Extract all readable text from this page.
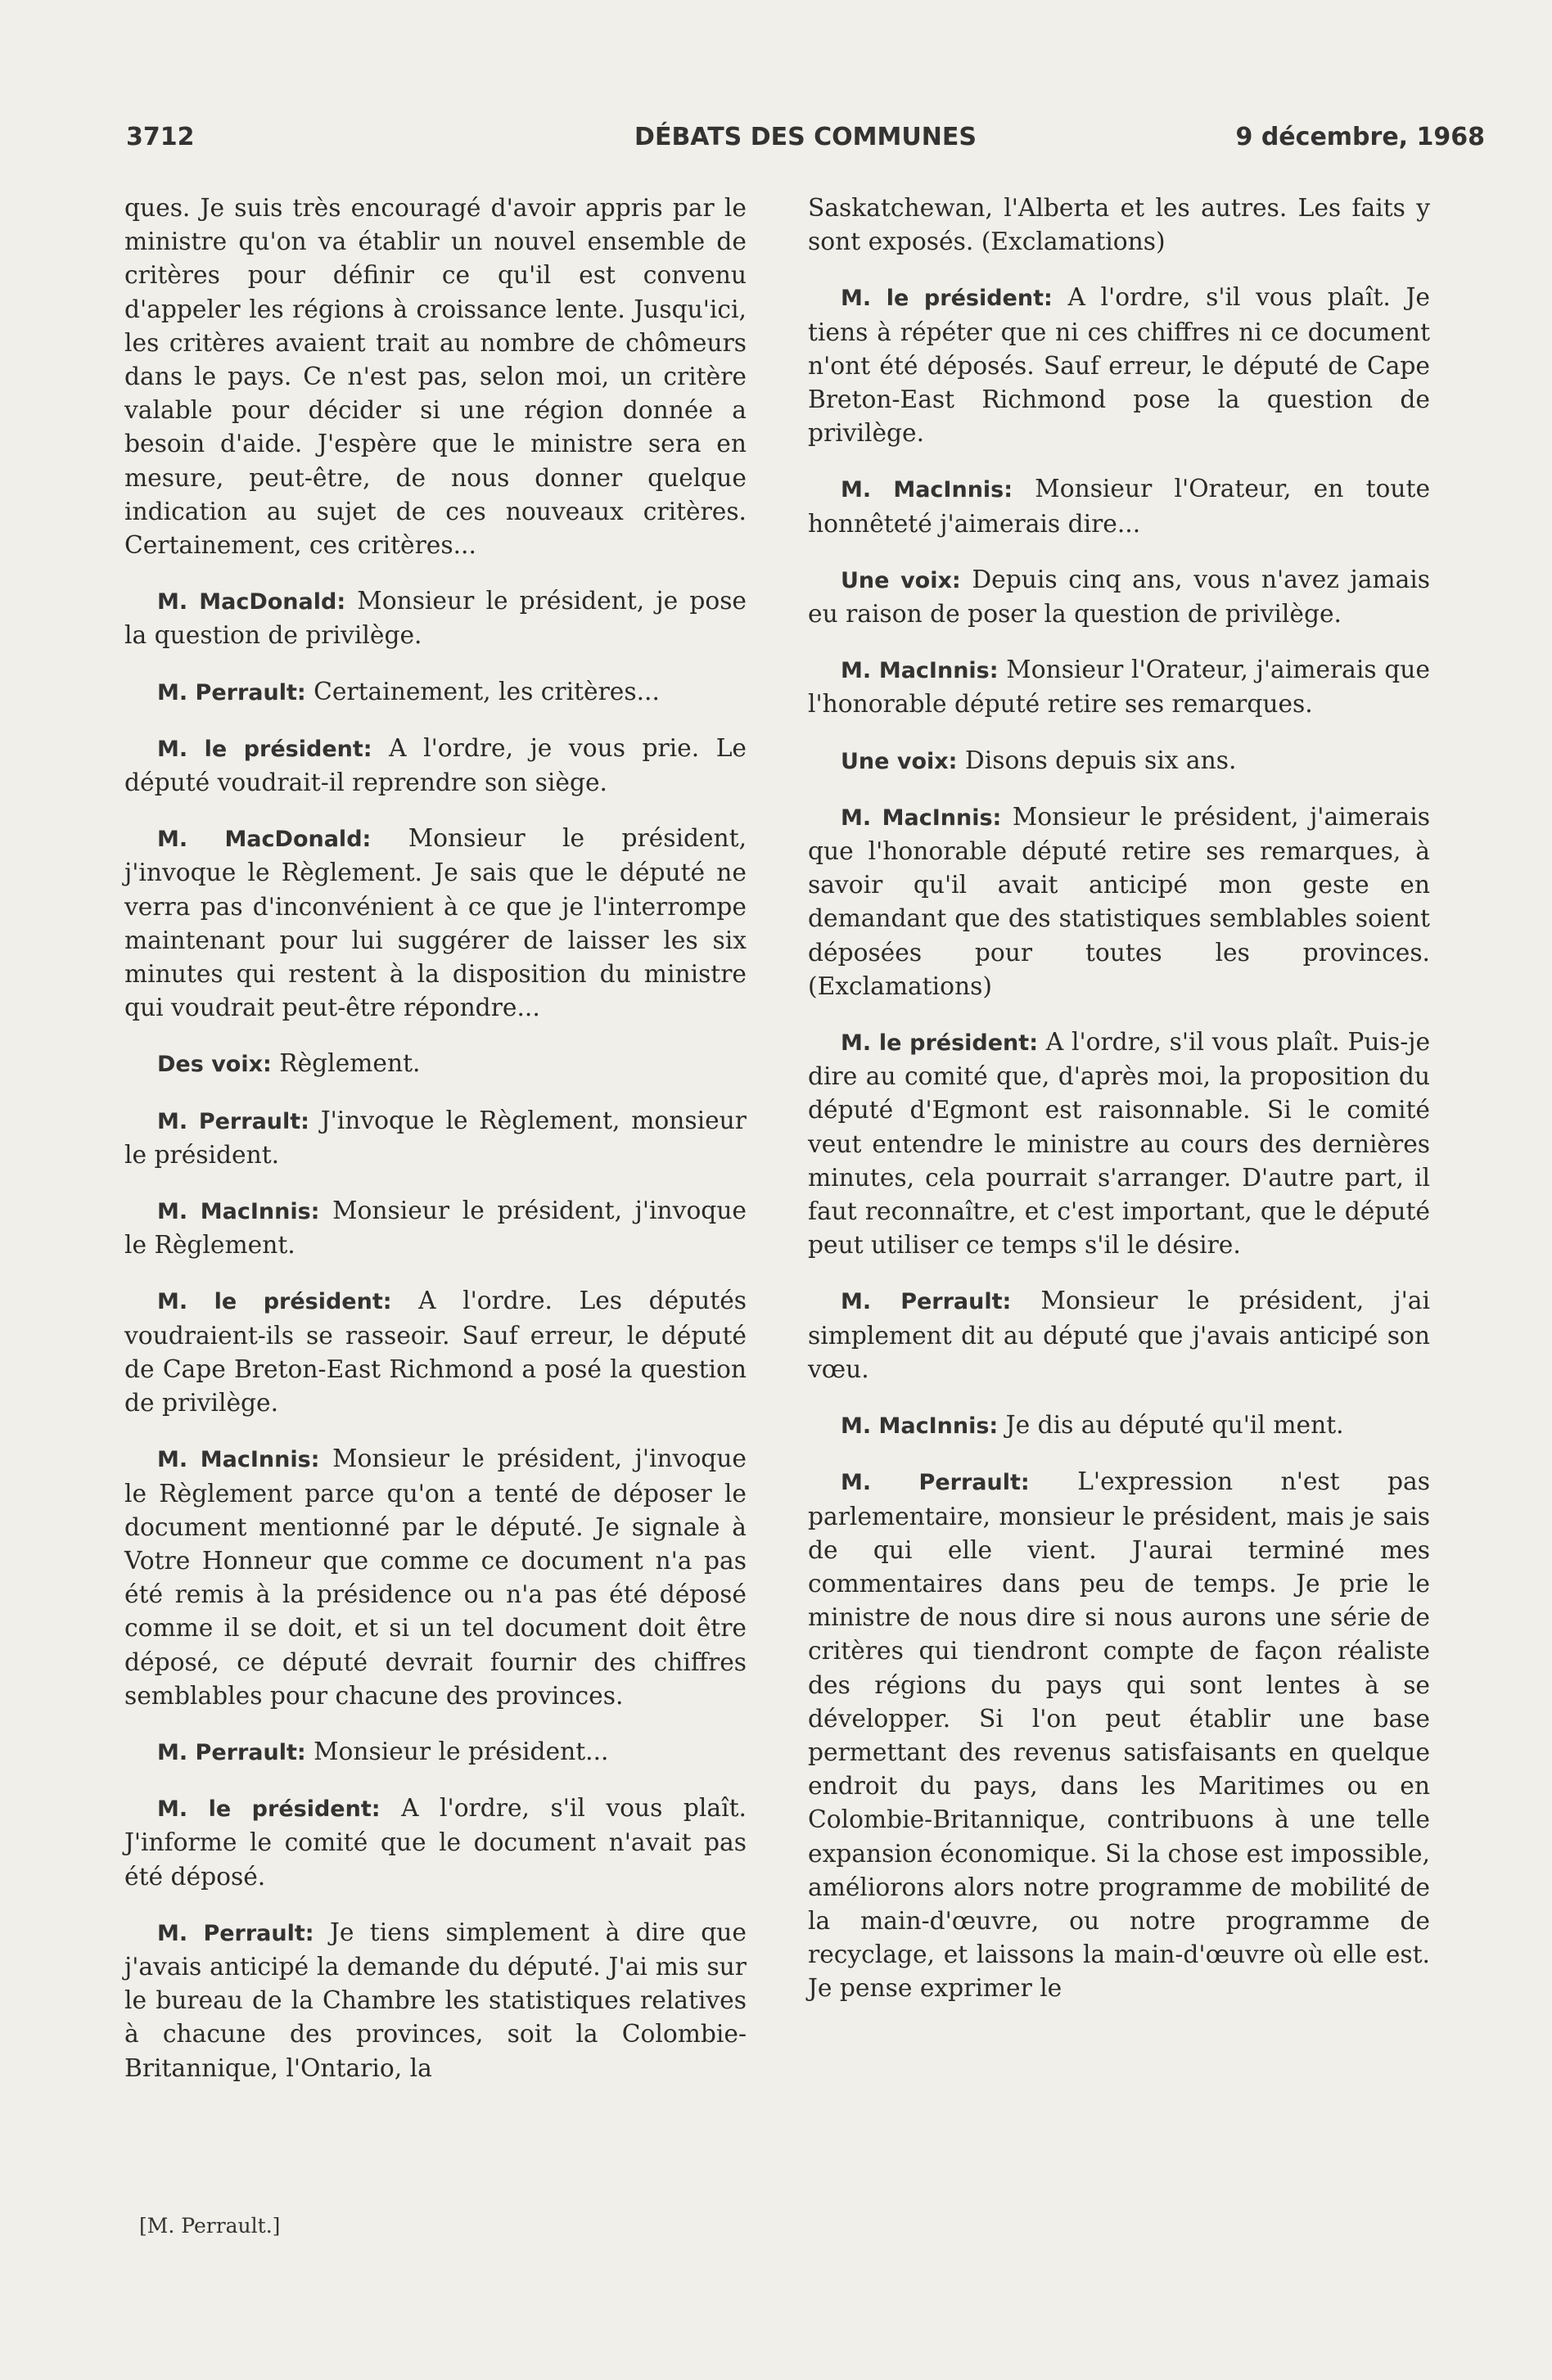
3712	DÉBATS DES COMMUNES	9 décembre, 1968

ques. Je suis très encouragé d'avoir appris par le ministre qu'on va établir un nouvel ensemble de critères pour définir ce qu'il est convenu d'appeler les régions à croissance lente. Jusqu'ici, les critères avaient trait au nombre de chômeurs dans le pays. Ce n'est pas, selon moi, un critère valable pour décider si une région donnée a besoin d'aide. J'espère que le ministre sera en mesure, peut-être, de nous donner quelque indication au sujet de ces nouveaux critères. Certainement, ces critères...

M. MacDonald: Monsieur le président, je pose la question de privilège.

M. Perrault: Certainement, les critères...

M. le président: A l'ordre, je vous prie. Le député voudrait-il reprendre son siège.

M. MacDonald: Monsieur le président, j'invoque le Règlement. Je sais que le député ne verra pas d'inconvénient à ce que je l'interrompe maintenant pour lui suggérer de laisser les six minutes qui restent à la disposition du ministre qui voudrait peut-être répondre...

Des voix: Règlement.

M. Perrault: J'invoque le Règlement, monsieur le président.

M. MacInnis: Monsieur le président, j'invoque le Règlement.

M. le président: A l'ordre. Les députés voudraient-ils se rasseoir. Sauf erreur, le député de Cape Breton-East Richmond a posé la question de privilège.

M. MacInnis: Monsieur le président, j'invoque le Règlement parce qu'on a tenté de déposer le document mentionné par le député. Je signale à Votre Honneur que comme ce document n'a pas été remis à la présidence ou n'a pas été déposé comme il se doit, et si un tel document doit être déposé, ce député devrait fournir des chiffres semblables pour chacune des provinces.

M. Perrault: Monsieur le président...

M. le président: A l'ordre, s'il vous plaît. J'informe le comité que le document n'avait pas été déposé.

M. Perrault: Je tiens simplement à dire que j'avais anticipé la demande du député. J'ai mis sur le bureau de la Chambre les statistiques relatives à chacune des provinces, soit la Colombie-Britannique, l'Ontario, la

Saskatchewan, l'Alberta et les autres. Les faits y sont exposés. (Exclamations)

M. le président: A l'ordre, s'il vous plaît. Je tiens à répéter que ni ces chiffres ni ce document n'ont été déposés. Sauf erreur, le député de Cape Breton-East Richmond pose la question de privilège.

M. MacInnis: Monsieur l'Orateur, en toute honnêteté j'aimerais dire...

Une voix: Depuis cinq ans, vous n'avez jamais eu raison de poser la question de privilège.

M. MacInnis: Monsieur l'Orateur, j'aimerais que l'honorable député retire ses remarques.

Une voix: Disons depuis six ans.

M. MacInnis: Monsieur le président, j'aimerais que l'honorable député retire ses remarques, à savoir qu'il avait anticipé mon geste en demandant que des statistiques semblables soient déposées pour toutes les provinces. (Exclamations)

M. le président: A l'ordre, s'il vous plaît. Puis-je dire au comité que, d'après moi, la proposition du député d'Egmont est raisonnable. Si le comité veut entendre le ministre au cours des dernières minutes, cela pourrait s'arranger. D'autre part, il faut reconnaître, et c'est important, que le député peut utiliser ce temps s'il le désire.

M. Perrault: Monsieur le président, j'ai simplement dit au député que j'avais anticipé son vœu.

M. MacInnis: Je dis au député qu'il ment.

M. Perrault: L'expression n'est pas parlementaire, monsieur le président, mais je sais de qui elle vient. J'aurai terminé mes commentaires dans peu de temps. Je prie le ministre de nous dire si nous aurons une série de critères qui tiendront compte de façon réaliste des régions du pays qui sont lentes à se développer. Si l'on peut établir une base permettant des revenus satisfaisants en quelque endroit du pays, dans les Maritimes ou en Colombie-Britannique, contribuons à une telle expansion économique. Si la chose est impossible, améliorons alors notre programme de mobilité de la main-d'œuvre, ou notre programme de recyclage, et laissons la main-d'œuvre où elle est. Je pense exprimer le

[M. Perrault.]
